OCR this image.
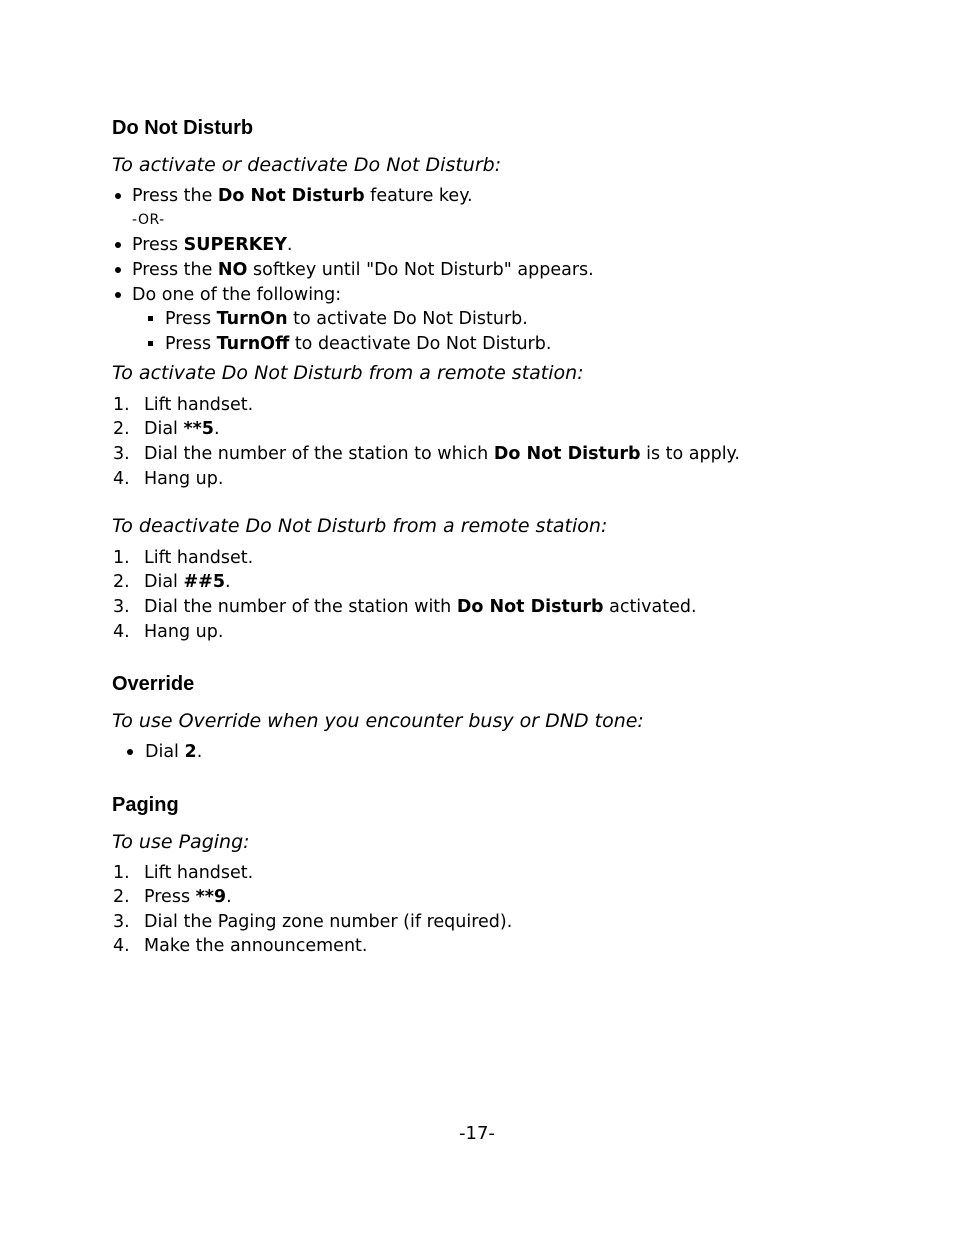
Do Not Disturb

To activate or deactivate Do Not Disturb:

Press the Do Not Disturb feature key.

-OR-

Press SUPERKEY.

Press the NO softkey until "Do Not Disturb" appears.

Do one of the following:

Press TurnOn to activate Do Not Disturb.

Press TurnOff to deactivate Do Not Disturb.

To activate Do Not Disturb from a remote station:

1. Lift handset.

2. Dial **5.

3. Dial the number of the station to which Do Not Disturb is to apply.

4. Hang up.

To deactivate Do Not Disturb from a remote station:

1. Lift handset.

2. Dial ##5.

3. Dial the number of the station with Do Not Disturb activated.

4. Hang up.

Override

To use Override when you encounter busy or DND tone:

Dial 2.

Paging

To use Paging:

1. Lift handset.

2. Press **9.

3. Dial the Paging zone number (if required).

4. Make the announcement.

-17-
